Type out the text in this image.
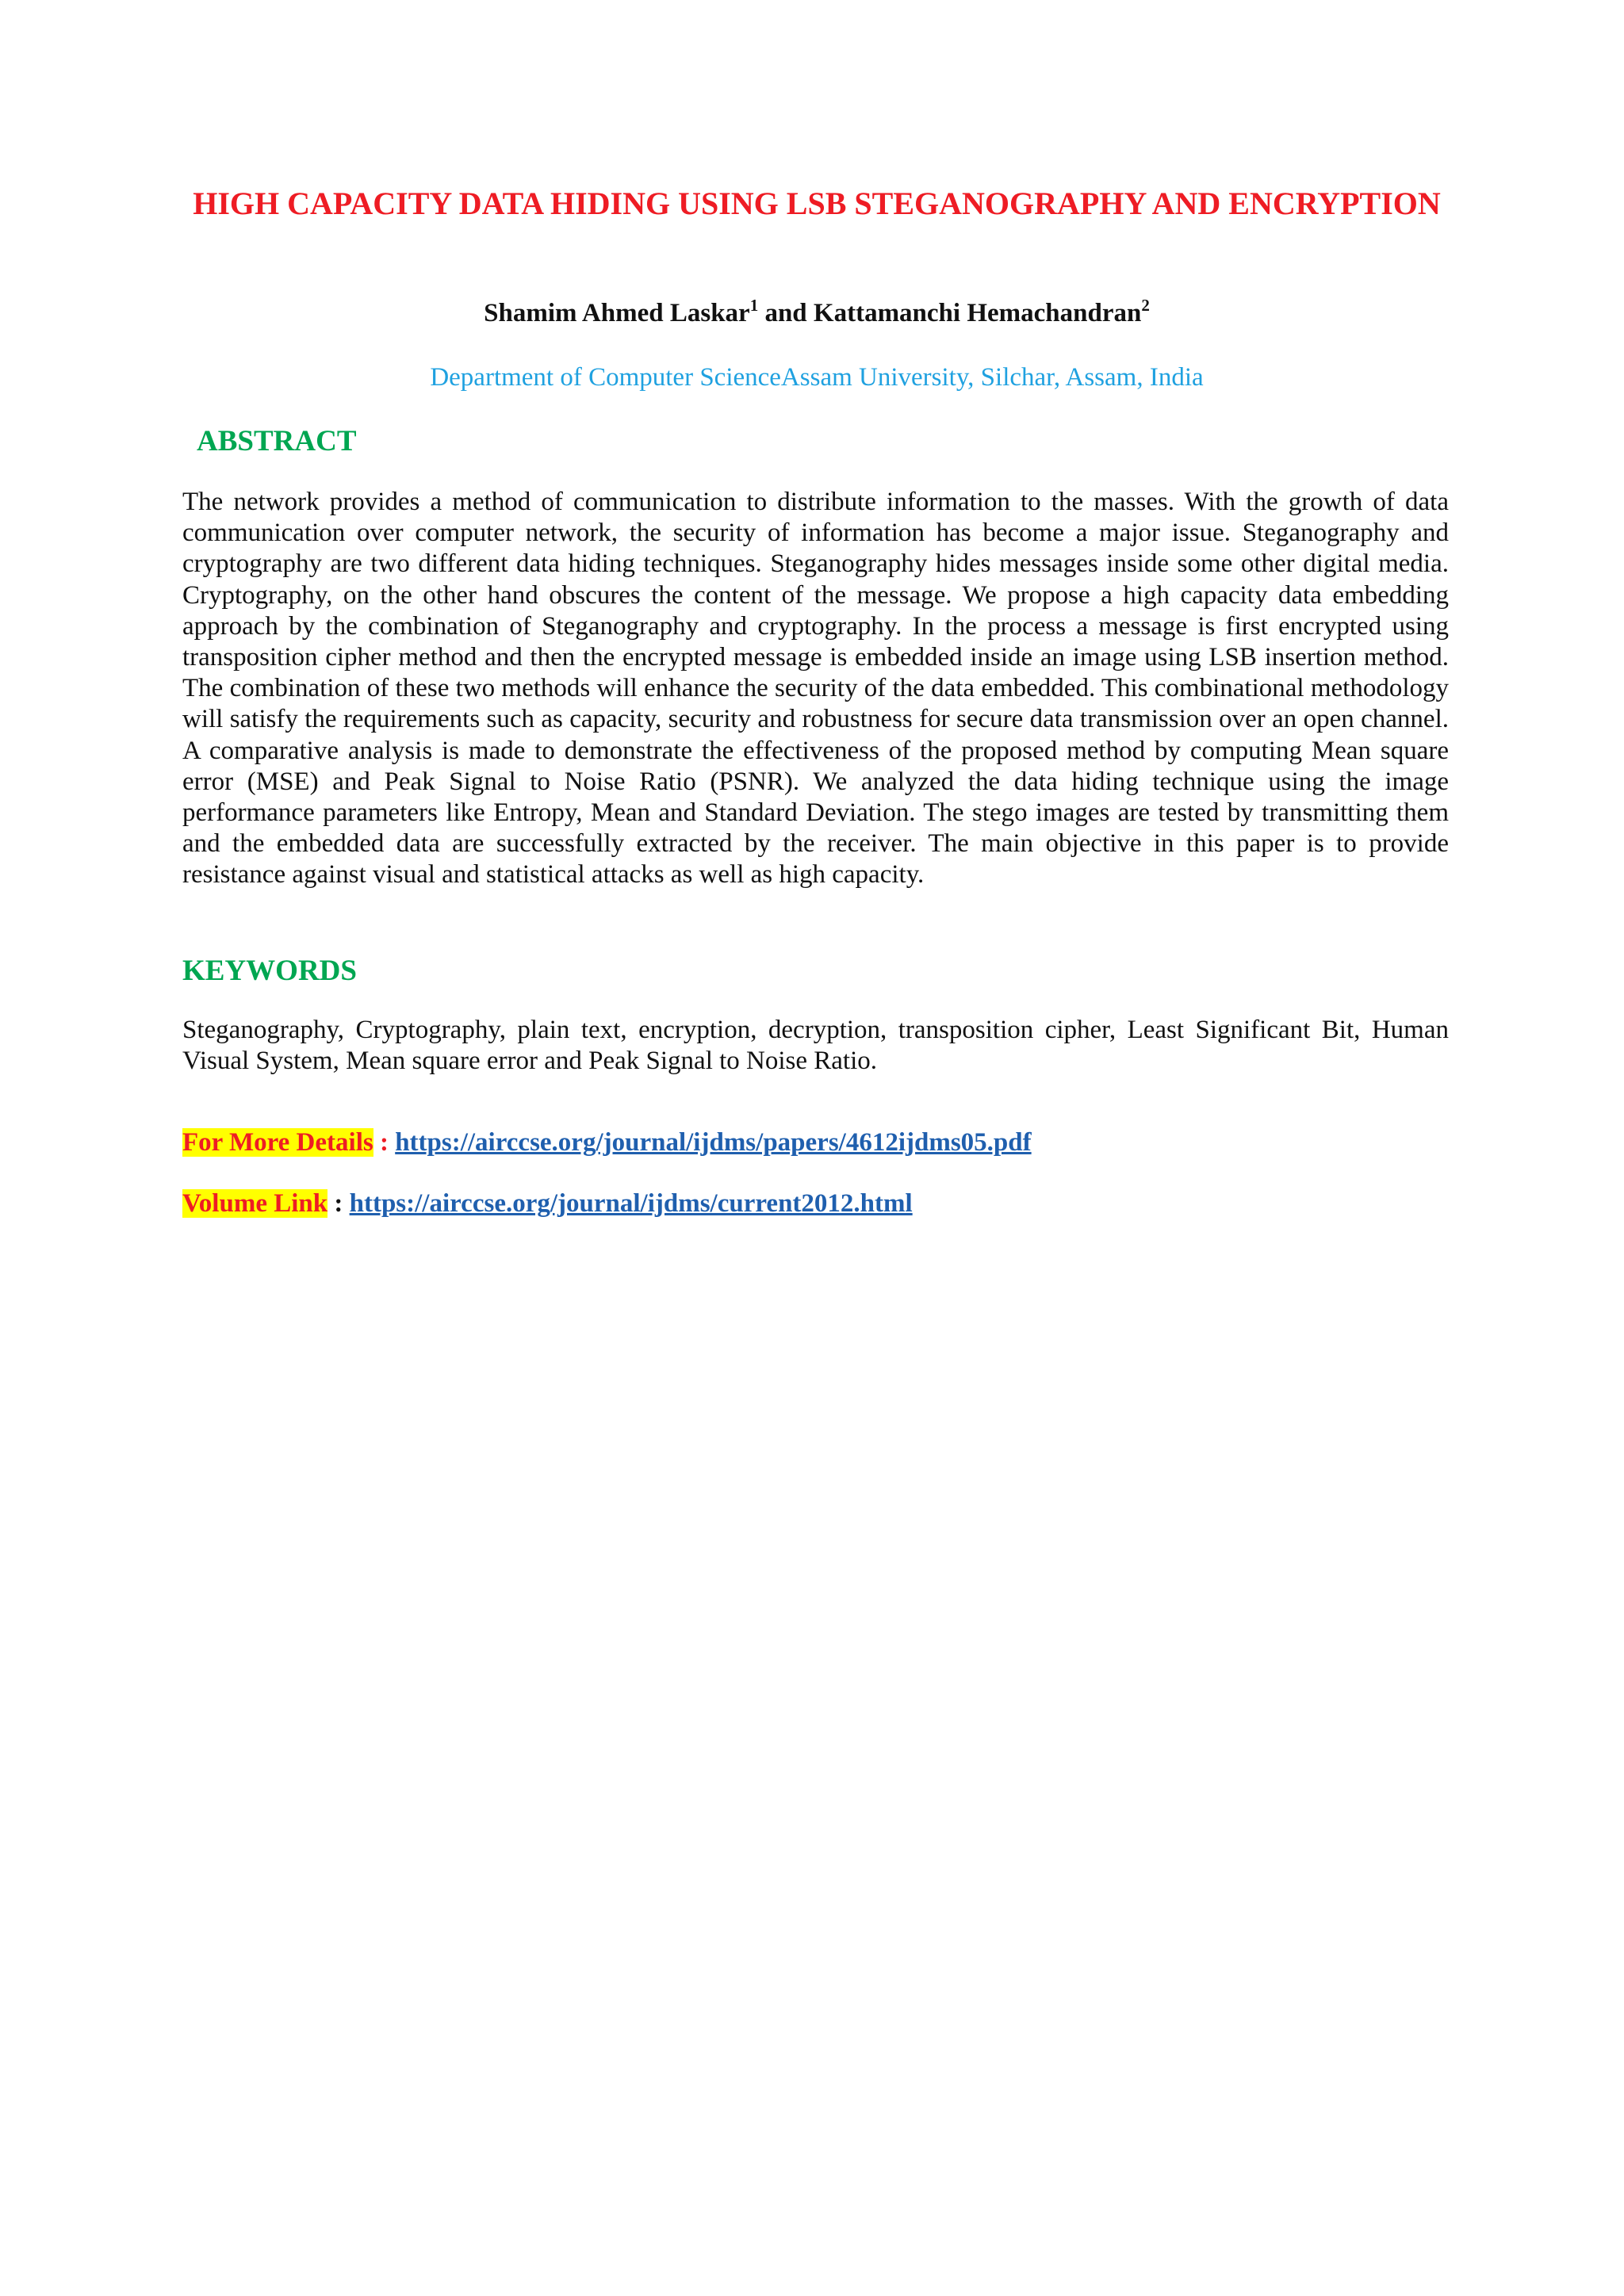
HIGH CAPACITY DATA HIDING USING LSB STEGANOGRAPHY AND ENCRYPTION
Shamim Ahmed Laskar$^1$ and Kattamanchi Hemachandran$^2$
Department of Computer ScienceAssam University, Silchar, Assam, India
ABSTRACT
The network provides a method of communication to distribute information to the masses. With the growth of data communication over computer network, the security of information has become a major issue. Steganography and cryptography are two different data hiding techniques. Steganography hides messages inside some other digital media. Cryptography, on the other hand obscures the content of the message. We propose a high capacity data embedding approach by the combination of Steganography and cryptography. In the process a message is first encrypted using transposition cipher method and then the encrypted message is embedded inside an image using LSB insertion method. The combination of these two methods will enhance the security of the data embedded. This combinational methodology will satisfy the requirements such as capacity, security and robustness for secure data transmission over an open channel. A comparative analysis is made to demonstrate the effectiveness of the proposed method by computing Mean square error (MSE) and Peak Signal to Noise Ratio (PSNR). We analyzed the data hiding technique using the image performance parameters like Entropy, Mean and Standard Deviation. The stego images are tested by transmitting them and the embedded data are successfully extracted by the receiver. The main objective in this paper is to provide resistance against visual and statistical attacks as well as high capacity.
KEYWORDS
Steganography, Cryptography, plain text, encryption, decryption, transposition cipher, Least Significant Bit, Human Visual System, Mean square error and Peak Signal to Noise Ratio.
For More Details : https://airccse.org/journal/ijdms/papers/4612ijdms05.pdf
Volume Link : https://airccse.org/journal/ijdms/current2012.html
